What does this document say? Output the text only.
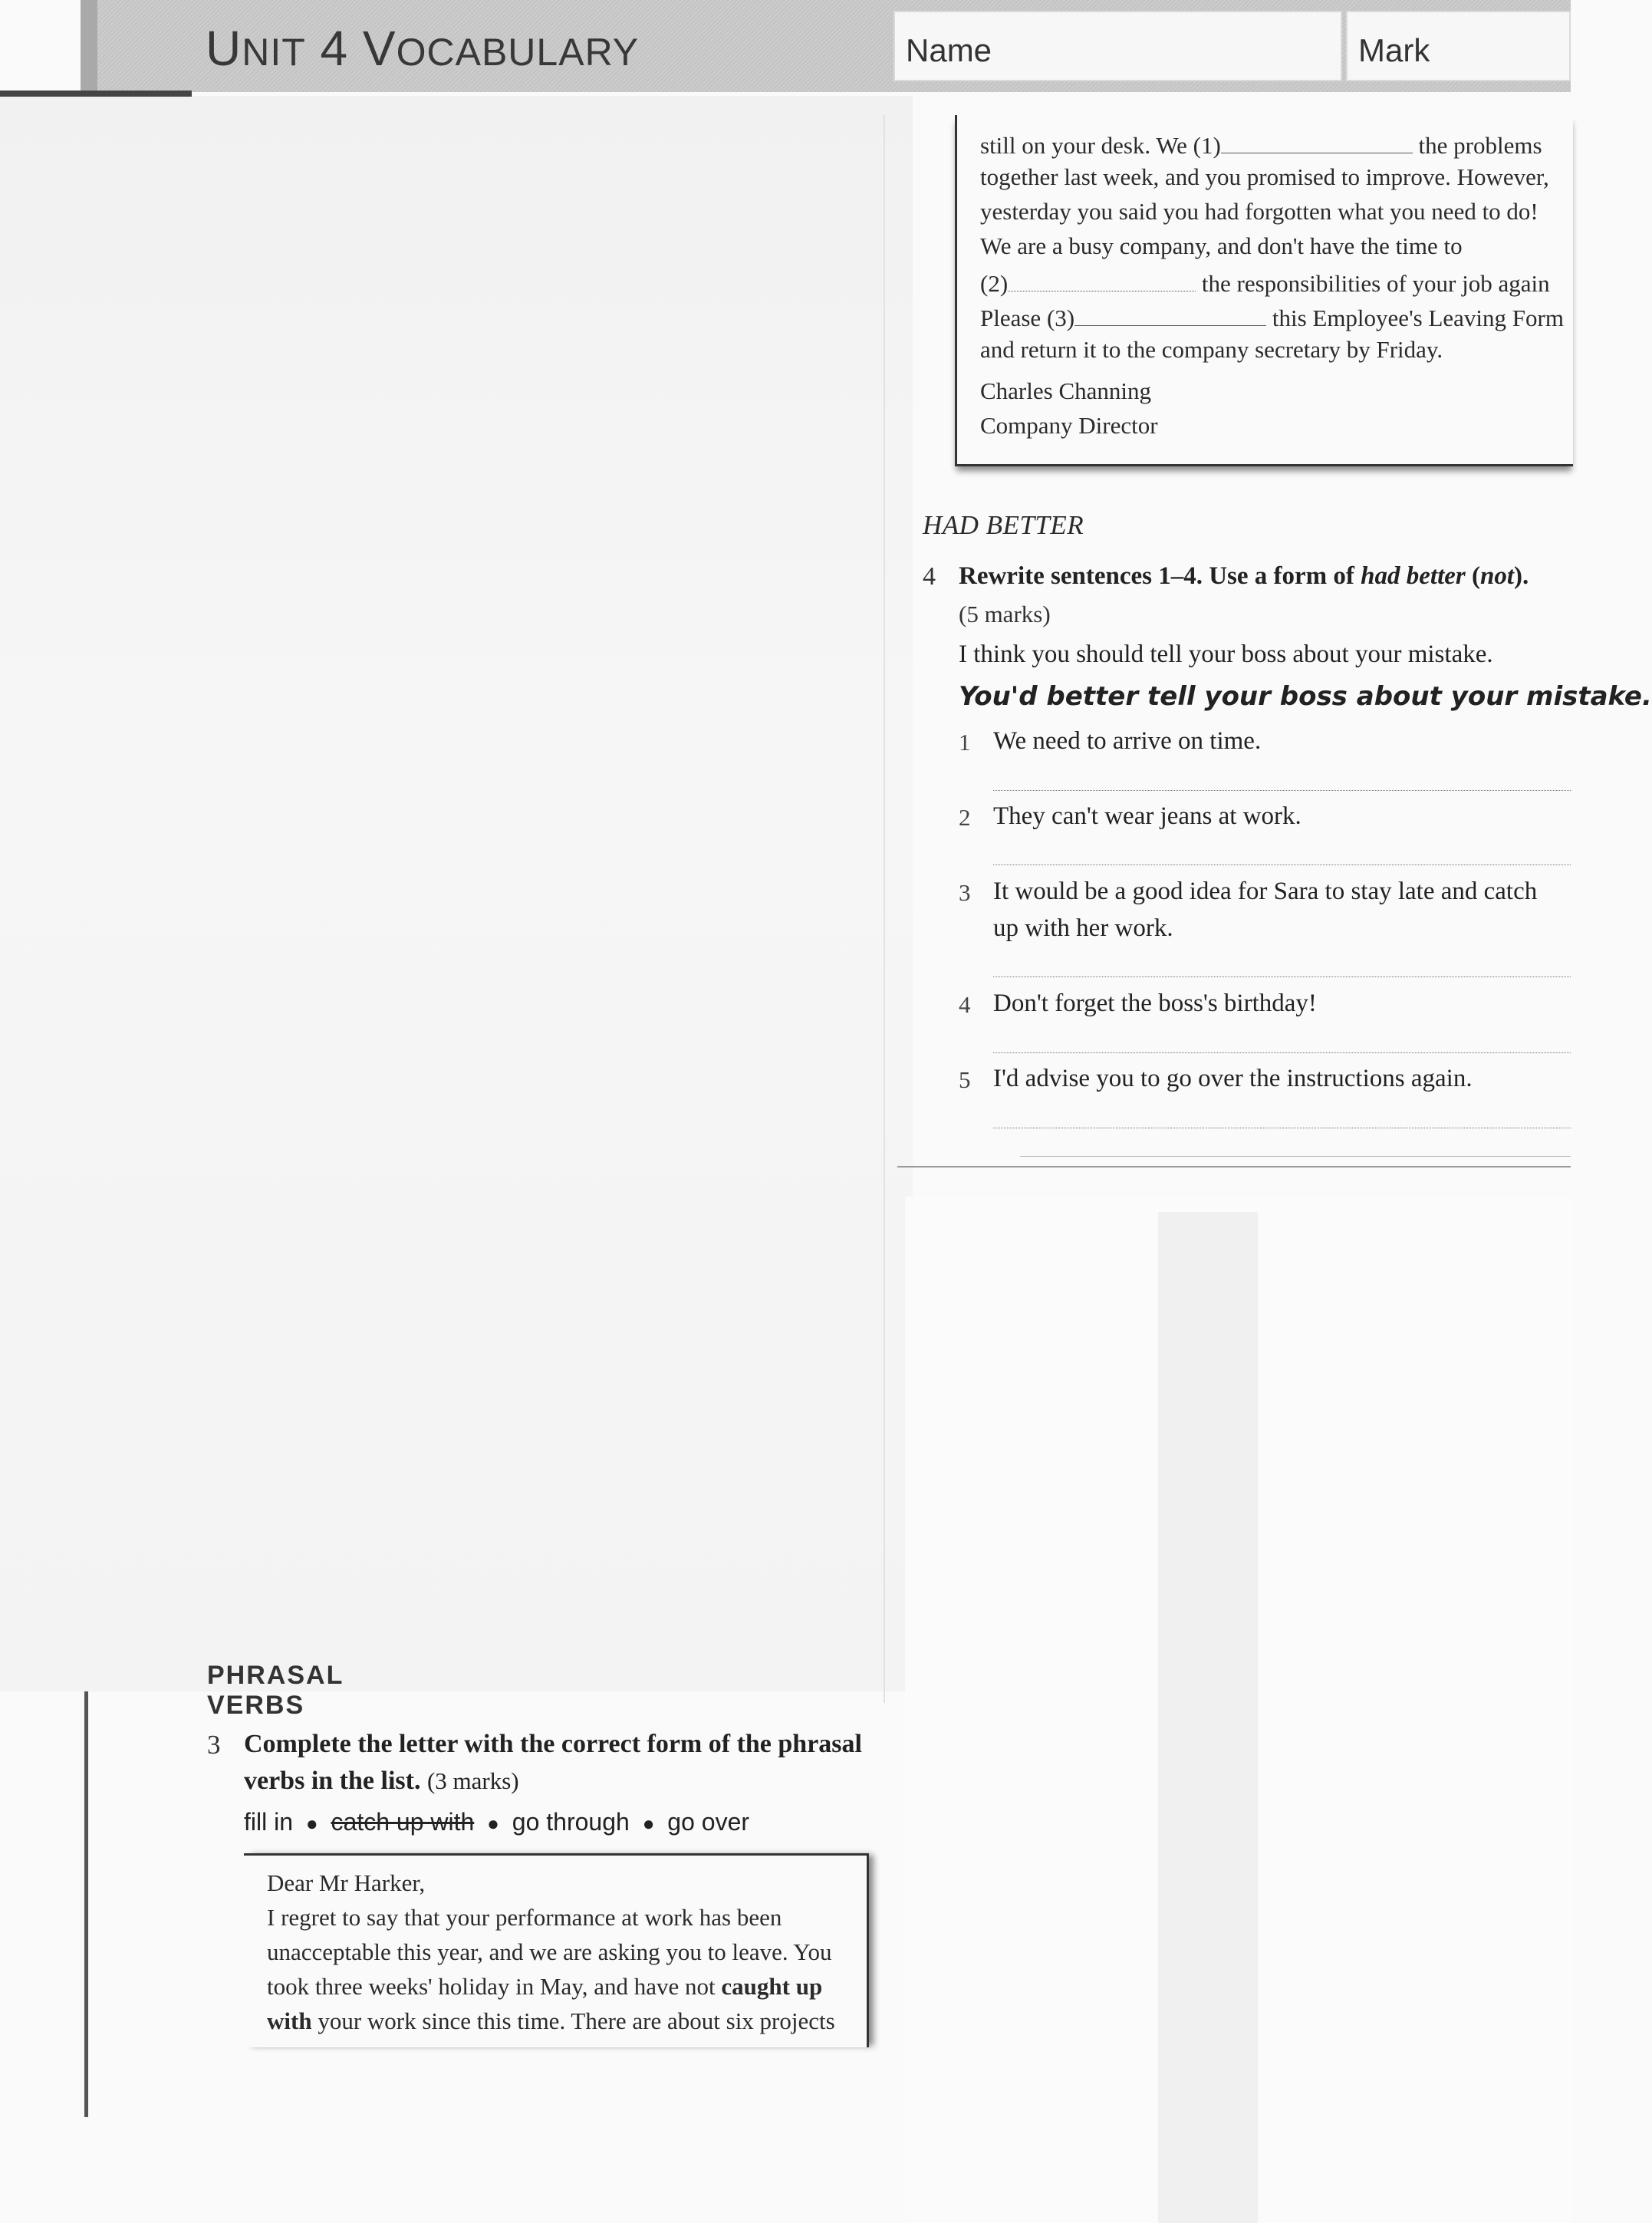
UNIT 4 VOCABULARY	Name	Mark
still on your desk. We (1)	the problems
together last week, and you promised to improve. However,
yesterday you said you had forgotten what you need to do!
We are a busy company, and don't have the time to
(2)	the responsibilities of your job again
Please (3)	this Employee's Leaving Form
and return it to the company secretary by Friday.
Charles Channing
Company Director
HAD BETTER
4 Rewrite sentences 1–4. Use a form of had better (not).
(5 marks)
I think you should tell your boss about your mistake.
You'd better tell your boss about your mistake.
1 We need to arrive on time.
2 They can't wear jeans at work.
3 It would be a good idea for Sara to stay late and catch
up with her work.
4 Don't forget the boss's birthday!
5 I'd advise you to go over the instructions again.
PHRASAL VERBS
3 Complete the letter with the correct form of the phrasal
verbs in the list. (3 marks)
fill in ● catch up with ● go through ● go over
Dear Mr Harker,
I regret to say that your performance at work has been
unacceptable this year, and we are asking you to leave. You
took three weeks' holiday in May, and have not caught up
with your work since this time. There are about six projects
